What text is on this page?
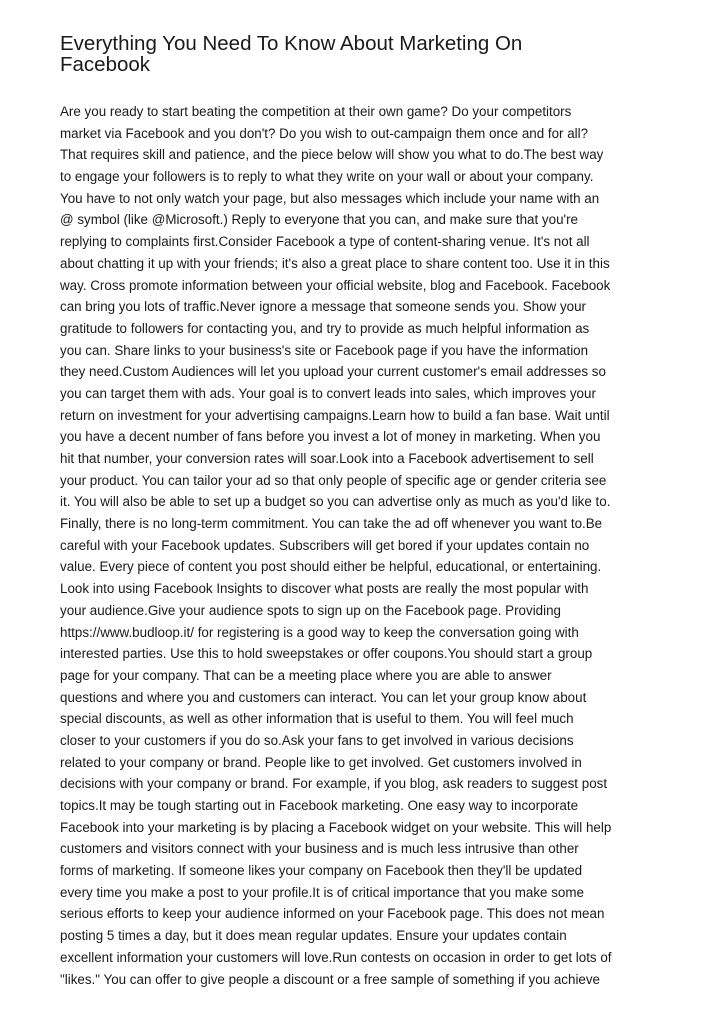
Everything You Need To Know About Marketing On
Facebook
Are you ready to start beating the competition at their own game? Do your competitors
market via Facebook and you don't? Do you wish to out-campaign them once and for all?
That requires skill and patience, and the piece below will show you what to do.The best way
to engage your followers is to reply to what they write on your wall or about your company.
You have to not only watch your page, but also messages which include your name with an
@ symbol (like @Microsoft.) Reply to everyone that you can, and make sure that you're
replying to complaints first.Consider Facebook a type of content-sharing venue. It's not all
about chatting it up with your friends; it's also a great place to share content too. Use it in this
way. Cross promote information between your official website, blog and Facebook. Facebook
can bring you lots of traffic.Never ignore a message that someone sends you. Show your
gratitude to followers for contacting you, and try to provide as much helpful information as
you can. Share links to your business's site or Facebook page if you have the information
they need.Custom Audiences will let you upload your current customer's email addresses so
you can target them with ads. Your goal is to convert leads into sales, which improves your
return on investment for your advertising campaigns.Learn how to build a fan base. Wait until
you have a decent number of fans before you invest a lot of money in marketing. When you
hit that number, your conversion rates will soar.Look into a Facebook advertisement to sell
your product. You can tailor your ad so that only people of specific age or gender criteria see
it. You will also be able to set up a budget so you can advertise only as much as you'd like to.
Finally, there is no long-term commitment. You can take the ad off whenever you want to.Be
careful with your Facebook updates. Subscribers will get bored if your updates contain no
value. Every piece of content you post should either be helpful, educational, or entertaining.
Look into using Facebook Insights to discover what posts are really the most popular with
your audience.Give your audience spots to sign up on the Facebook page. Providing
https://www.budloop.it/ for registering is a good way to keep the conversation going with
interested parties. Use this to hold sweepstakes or offer coupons.You should start a group
page for your company. That can be a meeting place where you are able to answer
questions and where you and customers can interact. You can let your group know about
special discounts, as well as other information that is useful to them. You will feel much
closer to your customers if you do so.Ask your fans to get involved in various decisions
related to your company or brand. People like to get involved. Get customers involved in
decisions with your company or brand. For example, if you blog, ask readers to suggest post
topics.It may be tough starting out in Facebook marketing. One easy way to incorporate
Facebook into your marketing is by placing a Facebook widget on your website. This will help
customers and visitors connect with your business and is much less intrusive than other
forms of marketing. If someone likes your company on Facebook then they'll be updated
every time you make a post to your profile.It is of critical importance that you make some
serious efforts to keep your audience informed on your Facebook page. This does not mean
posting 5 times a day, but it does mean regular updates. Ensure your updates contain
excellent information your customers will love.Run contests on occasion in order to get lots of
"likes." You can offer to give people a discount or a free sample of something if you achieve
